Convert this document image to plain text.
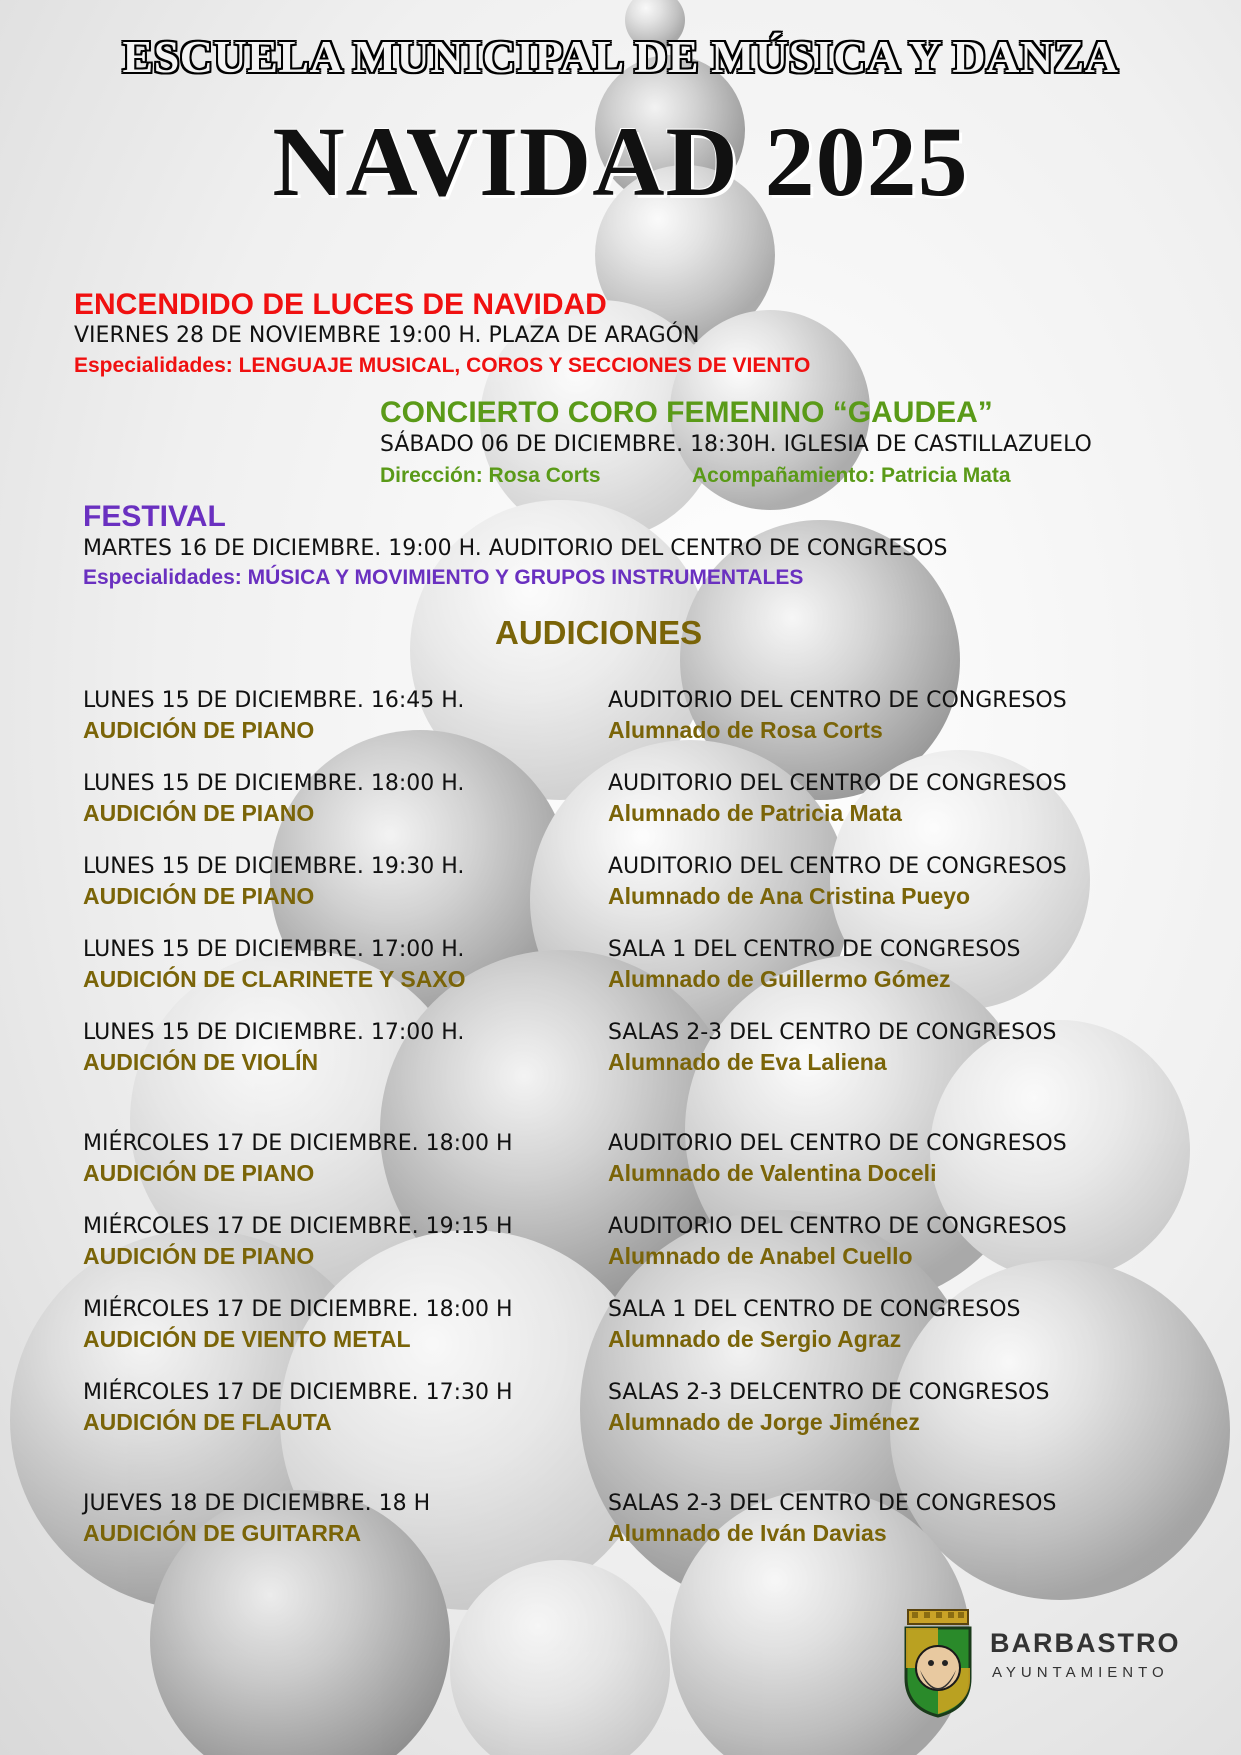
ESCUELA MUNICIPAL DE MÚSICA Y DANZA
NAVIDAD 2025
ENCENDIDO DE LUCES DE NAVIDAD
VIERNES 28 DE NOVIEMBRE 19:00 H. PLAZA DE ARAGÓN
Especialidades: LENGUAJE MUSICAL, COROS Y SECCIONES DE VIENTO
CONCIERTO CORO FEMENINO “GAUDEA”
SÁBADO 06 DE DICIEMBRE. 18:30H. IGLESIA DE CASTILLAZUELO
Dirección: Rosa Corts	Acompañamiento: Patricia Mata
FESTIVAL
MARTES 16 DE DICIEMBRE. 19:00 H. AUDITORIO DEL CENTRO DE CONGRESOS
Especialidades: MÚSICA Y MOVIMIENTO Y GRUPOS INSTRUMENTALES
AUDICIONES
LUNES 15 DE DICIEMBRE. 16:45 H.
AUDICIÓN DE PIANO
AUDITORIO DEL CENTRO DE CONGRESOS
Alumnado de Rosa Corts
LUNES 15 DE DICIEMBRE. 18:00 H.
AUDICIÓN DE PIANO
AUDITORIO DEL CENTRO DE CONGRESOS
Alumnado de Patricia Mata
LUNES 15 DE DICIEMBRE. 19:30 H.
AUDICIÓN DE PIANO
AUDITORIO DEL CENTRO DE CONGRESOS
Alumnado de Ana Cristina Pueyo
LUNES 15 DE DICIEMBRE. 17:00 H.
AUDICIÓN DE CLARINETE Y SAXO
SALA 1 DEL CENTRO DE CONGRESOS
Alumnado de Guillermo Gómez
LUNES 15 DE DICIEMBRE. 17:00 H.
AUDICIÓN DE VIOLÍN
SALAS 2-3 DEL CENTRO DE CONGRESOS
Alumnado de Eva Laliena
MIÉRCOLES 17 DE DICIEMBRE. 18:00 H
AUDICIÓN DE PIANO
AUDITORIO DEL CENTRO DE CONGRESOS
Alumnado de Valentina Doceli
MIÉRCOLES 17 DE DICIEMBRE. 19:15 H
AUDICIÓN DE PIANO
AUDITORIO DEL CENTRO DE CONGRESOS
Alumnado de Anabel Cuello
MIÉRCOLES 17 DE DICIEMBRE. 18:00 H
AUDICIÓN DE VIENTO METAL
SALA 1 DEL CENTRO DE CONGRESOS
Alumnado de Sergio Agraz
MIÉRCOLES 17 DE DICIEMBRE. 17:30 H
AUDICIÓN DE FLAUTA
SALAS 2-3 DELCENTRO DE CONGRESOS
Alumnado de Jorge Jiménez
JUEVES 18 DE DICIEMBRE. 18 H
AUDICIÓN DE GUITARRA
SALAS 2-3 DEL CENTRO DE CONGRESOS
Alumnado de Iván Davias
BARBASTRO
AYUNTAMIENTO
